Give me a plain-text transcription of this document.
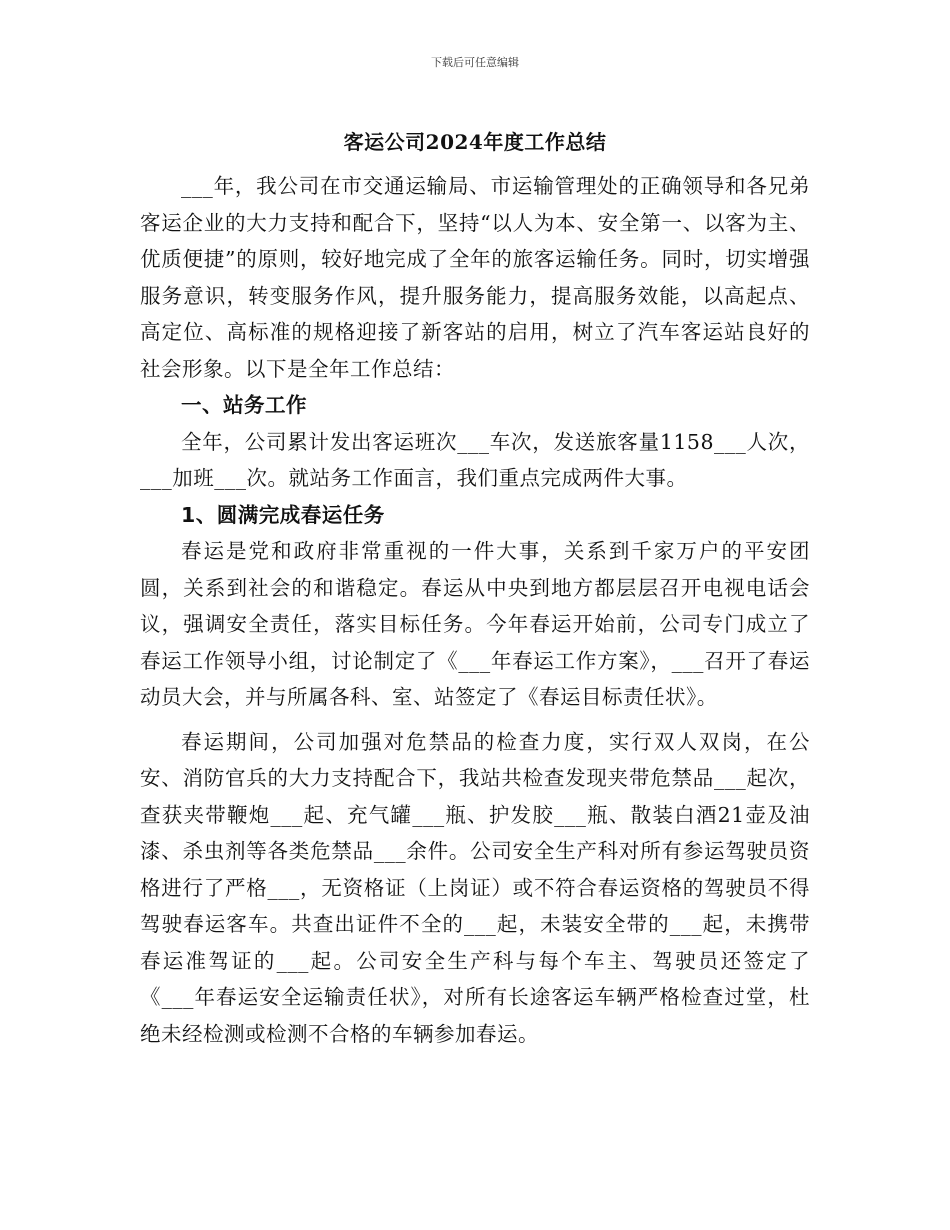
下载后可任意编辑
客运公司2024年度工作总结

___年，我公司在市交通运输局、市运输管理处的正确领导和各兄弟客运企业的大力支持和配合下，坚持“以人为本、安全第一、以客为主、优质便捷”的原则，较好地完成了全年的旅客运输任务。同时，切实增强服务意识，转变服务作风，提升服务能力，提高服务效能，以高起点、高定位、高标准的规格迎接了新客站的启用，树立了汽车客运站良好的社会形象。以下是全年工作总结：

一、站务工作

全年，公司累计发出客运班次___车次，发送旅客量1158___人次，___加班___次。就站务工作面言，我们重点完成两件大事。

1、圆满完成春运任务

春运是党和政府非常重视的一件大事，关系到千家万户的平安团圆，关系到社会的和谐稳定。春运从中央到地方都层层召开电视电话会议，强调安全责任，落实目标任务。今年春运开始前，公司专门成立了春运工作领导小组，讨论制定了《___年春运工作方案》，___召开了春运动员大会，并与所属各科、室、站签定了《春运目标责任状》。

春运期间，公司加强对危禁品的检查力度，实行双人双岗，在公安、消防官兵的大力支持配合下，我站共检查发现夹带危禁品___起次，查获夹带鞭炮___起、充气罐___瓶、护发胶___瓶、散装白酒21壶及油漆、杀虫剂等各类危禁品___余件。公司安全生产科对所有参运驾驶员资格进行了严格___，无资格证（上岗证）或不符合春运资格的驾驶员不得驾驶春运客车。共查出证件不全的___起，未装安全带的___起，未携带春运准驾证的___起。公司安全生产科与每个车主、驾驶员还签定了《___年春运安全运输责任状》，对所有长途客运车辆严格检查过堂，杜绝未经检测或检测不合格的车辆参加春运。
